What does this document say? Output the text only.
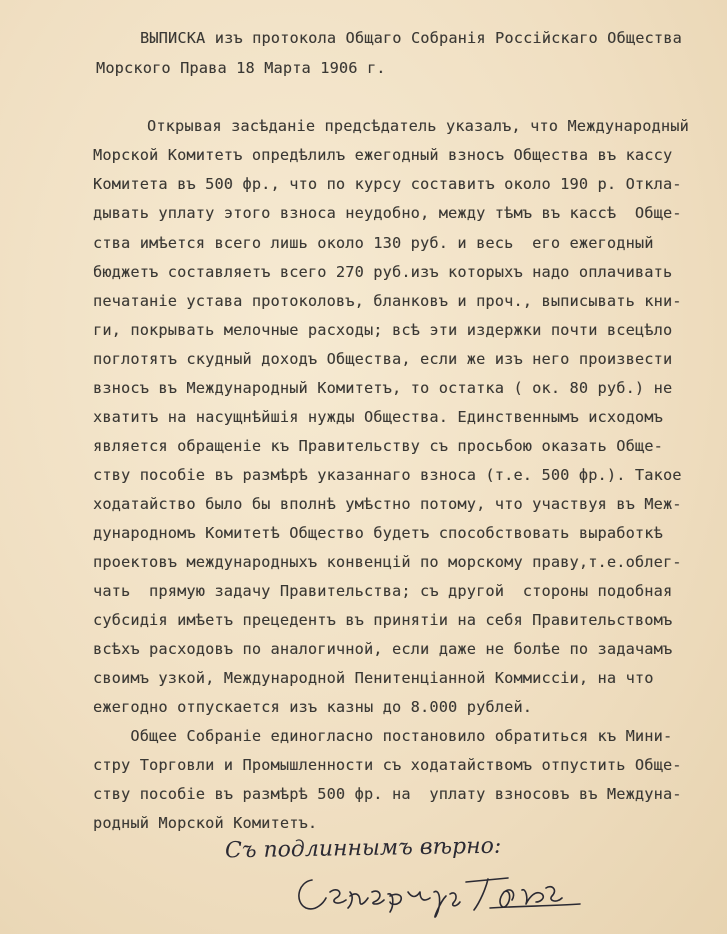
ВЫПИСКА изъ протокола Общаго Собранія Россійскаго Общества
Морского Права 18 Марта 1906 г.
Открывая засѣданіе предсѣдатель указалъ, что Международный
Морской Комитетъ опредѣлилъ ежегодный взносъ Общества въ кассу
Комитета въ 500 фр., что по курсу составитъ около 190 р. Откла-
дывать уплату этого взноса неудобно, между тѣмъ въ кассѣ  Обще-
ства имѣется всего лишь около 130 руб. и весь  его ежегодный
бюджетъ составляетъ всего 270 руб.изъ которыхъ надо оплачивать
печатаніе устава протоколовъ, бланковъ и проч., выписывать кни-
ги, покрывать мелочные расходы; всѣ эти издержки почти всецѣло
поглотятъ скудный доходъ Общества, если же изъ него произвести
взносъ въ Международный Комитетъ, то остатка ( ок. 80 руб.) не
хватитъ на насущнѣйшія нужды Общества. Единственнымъ исходомъ
является обращеніе къ Правительству съ просьбою оказать Обще-
ству пособіе въ размѣрѣ указаннаго взноса (т.е. 500 фр.). Такое
ходатайство было бы вполнѣ умѣстно потому, что участвуя въ Меж-
дународномъ Комитетѣ Общество будетъ способствовать выработкѣ
проектовъ международныхъ конвенцій по морскому праву,т.е.облег-
чать  прямую задачу Правительства; съ другой  стороны подобная
субсидія имѣетъ прецедентъ въ принятіи на себя Правительствомъ
всѣхъ расходовъ по аналогичной, если даже не болѣе по задачамъ
своимъ узкой, Международной Пенитенціанной Коммиссіи, на что
ежегодно отпускается изъ казны до 8.000 рублей.
Общее Собраніе единогласно постановило обратиться къ Мини-
стру Торговли и Промышленности съ ходатайствомъ отпустить Обще-
ству пособіе въ размѣрѣ 500 фр. на  уплату взносовъ въ Междуна-
родный Морской Комитетъ.
Съ подлиннымъ вѣрно:
